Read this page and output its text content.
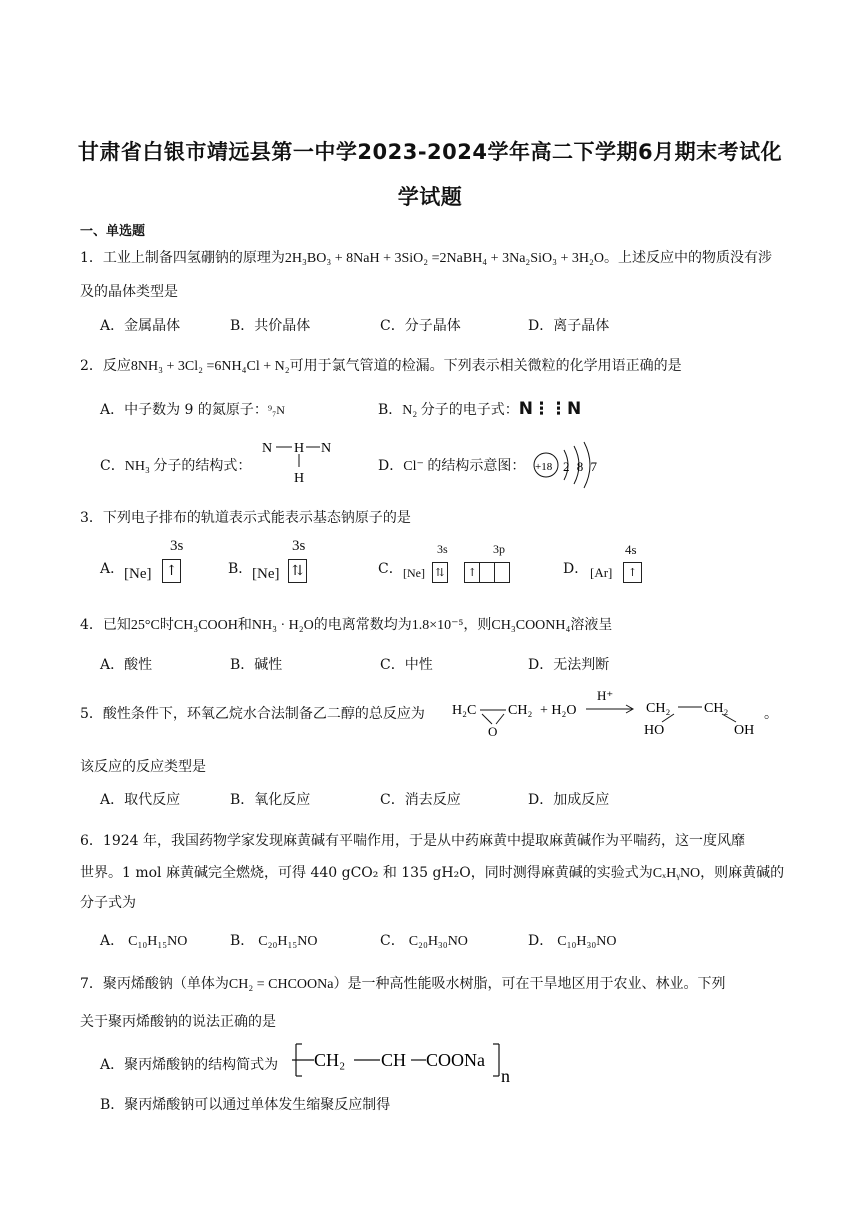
甘肃省白银市靖远县第一中学2023-2024学年高二下学期6月期末考试化
学试题
一、单选题
1．工业上制备四氢硼钠的原理为2H₃BO₃ + 8NaH + 3SiO₂ =2NaBH₄ + 3Na₂SiO₃ + 3H₂O。上述反应中的物质没有涉
及的晶体类型是
A．金属晶体	B．共价晶体	C．分子晶体	D．离子晶体
2．反应8NH₃ + 3Cl₂ =6NH₄Cl + N₂可用于氯气管道的检漏。下列表示相关微粒的化学用语正确的是
A．中子数为 9 的氮原子：⁹₇N	B．N₂ 分子的电子式：N⋮⋮N
C．NH₃ 分子的结构式：
N H N
H
D．Cl⁻ 的结构示意图： +18 2 8 7
3．下列电子排布的轨道表示式能表示基态钠原子的是
A．
3s
[Ne] ↑	B．
3s
[Ne] ⇅	C．
3s	3p
[Ne] ⇅ ↑	D．
4s
[Ar]	↑
4．已知25°C时CH₃COOH和NH₃ · H₂O的电离常数均为1.8×10⁻⁵，则CH₃COONH₄溶液呈
A．酸性	B．碱性	C．中性	D．无法判断
5．酸性条件下，环氧乙烷水合法制备乙二醇的总反应为 H₂C
O
CH₂ + H₂O
H⁺
HO
CH₂ CH₂
OH
。
该反应的反应类型是
A．取代反应	B．氧化反应	C．消去反应	D．加成反应
6．1924 年，我国药物学家发现麻黄碱有平喘作用，于是从中药麻黄中提取麻黄碱作为平喘药，这一度风靡
世界。1 mol 麻黄碱完全燃烧，可得 440 gCO₂ 和 135 gH₂O，同时测得麻黄碱的实验式为CₓHᵧNO，则麻黄碱的
分子式为
A． C₁₀H₁₅NO	B． C₂₀H₁₅NO	C． C₂₀H₃₀NO	D． C₁₀H₃₀NO
7．聚丙烯酸钠（单体为CH₂ = CHCOONa）是一种高性能吸水树脂，可在干旱地区用于农业、林业。下列
关于聚丙烯酸钠的说法正确的是
A．聚丙烯酸钠的结构简式为 CH₂ CH COONa
n
B．聚丙烯酸钠可以通过单体发生缩聚反应制得
